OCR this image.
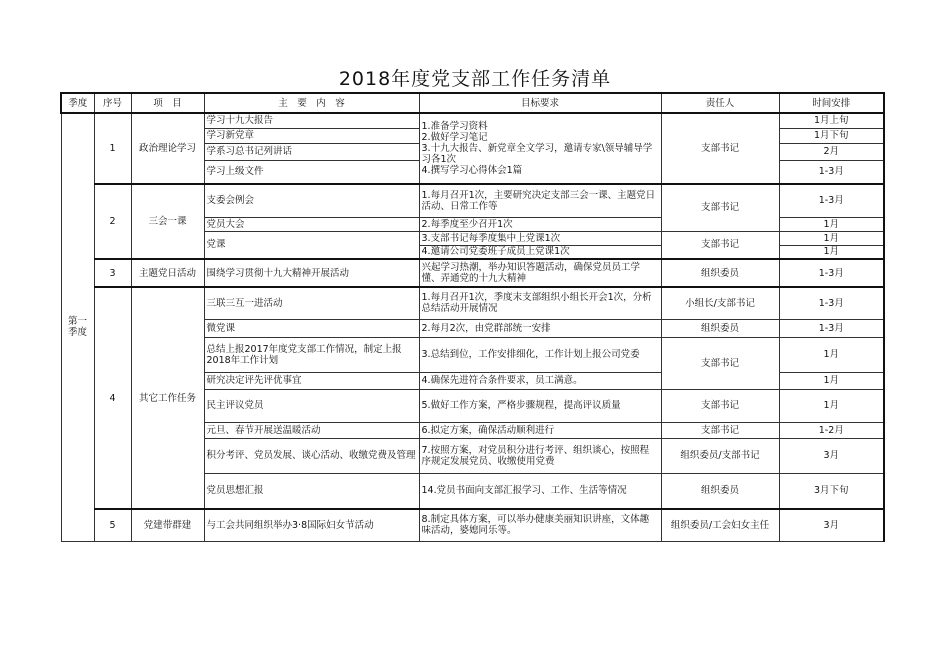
2018年度党支部工作任务清单
季度	序号	项　目	主　要　内　容	目标要求	责任人	时间安排
第一季度	1	政治理论学习	学习十九大报告	1.准备学习资料
2.做好学习笔记
3.十九大报告、新党章全文学习，邀请专家\领导辅导学习各1次
4.撰写学习心得体会1篇	支部书记	1月上旬
			学习新党章			1月下旬
			学系习总书记列讲话			2月
			学习上级文件			1-3月
	2	三会一课	支委会例会	1.每月召开1次，主要研究决定支部三会一课、主题党日活动、日常工作等	支部书记	1-3月
			党员大会	2.每季度至少召开1次		1月
			党课	3.支部书记每季度集中上党课1次	支部书记	1月
				4.邀请公司党委班子成员上党课1次		1月
	3	主题党日活动	围绕学习贯彻十九大精神开展活动	兴起学习热潮，举办知识答题活动，确保党员员工学懂、弄通党的十九大精神	组织委员	1-3月
	4	其它工作任务	三联三互一进活动	1.每月召开1次，季度末支部组织小组长开会1次，分析总结活动开展情况	小组长/支部书记	1-3月
			微党课	2.每月2次，由党群部统一安排	组织委员	1-3月
			总结上报2017年度党支部工作情况，制定上报2018年工作计划	3.总结到位，工作安排细化，工作计划上报公司党委	支部书记	1月
			研究决定评先评优事宜	4.确保先进符合条件要求，员工满意。		1月
			民主评议党员	5.做好工作方案，严格步骤规程，提高评议质量	支部书记	1月
			元旦、春节开展送温暖活动	6.拟定方案，确保活动顺利进行	支部书记	1-2月
			积分考评、党员发展、谈心活动、收缴党费及管理	7.按照方案，对党员积分进行考评、组织谈心，按照程序规定发展党员、收缴使用党费	组织委员/支部书记	3月
			党员思想汇报	14.党员书面向支部汇报学习、工作、生活等情况	组织委员	3月下旬
	5	党建带群建	与工会共同组织举办3·8国际妇女节活动	8.制定具体方案，可以举办健康美丽知识讲座，文体趣味活动，婆媳同乐等。	组织委员/工会妇女主任	3月
